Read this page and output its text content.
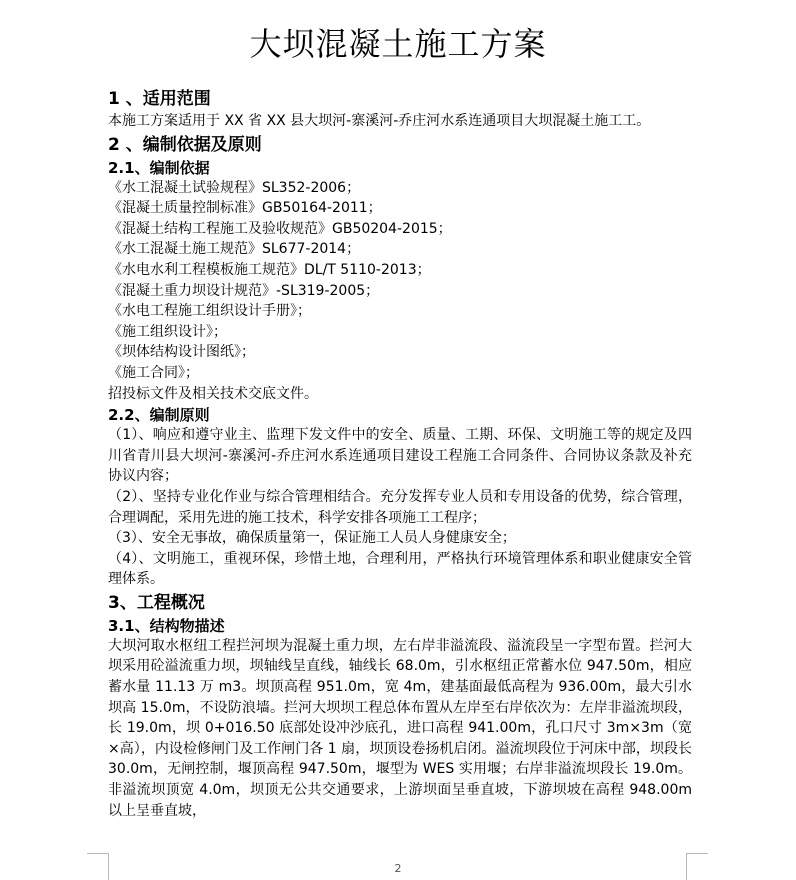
大坝混凝土施工方案

1 、适用范围

本施工方案适用于 XX 省 XX 县大坝河-寨溪河-乔庄河水系连通项目大坝混凝土施工工。

2 、编制依据及原则

2.1、编制依据

《水工混凝土试验规程》SL352-2006；

《混凝土质量控制标准》GB50164-2011；

《混凝土结构工程施工及验收规范》GB50204-2015；

《水工混凝土施工规范》SL677-2014；

《水电水利工程模板施工规范》DL/T 5110-2013；

《混凝土重力坝设计规范》-SL319-2005；

《水电工程施工组织设计手册》；

《施工组织设计》；

《坝体结构设计图纸》；

《施工合同》；

招投标文件及相关技术交底文件。

2.2、编制原则

（1）、响应和遵守业主、监理下发文件中的安全、质量、工期、环保、文明施工等的规定及四川省青川县大坝河-寨溪河-乔庄河水系连通项目建设工程施工合同条件、合同协议条款及补充协议内容；

（2）、坚持专业化作业与综合管理相结合。充分发挥专业人员和专用设备的优势，综合管理，合理调配，采用先进的施工技术，科学安排各项施工工程序；

（3）、安全无事故，确保质量第一，保证施工人员人身健康安全；

（4）、文明施工，重视环保，珍惜土地，合理利用，严格执行环境管理体系和职业健康安全管理体系。

3、工程概况

3.1、结构物描述

大坝河取水枢纽工程拦河坝为混凝土重力坝，左右岸非溢流段、溢流段呈一字型布置。拦河大坝采用砼溢流重力坝，坝轴线呈直线，轴线长 68.0m，引水枢纽正常蓄水位 947.50m，相应蓄水量 11.13 万 m3。坝顶高程 951.0m，宽 4m，建基面最低高程为 936.00m，最大引水坝高 15.0m，不设防浪墙。拦河大坝坝工程总体布置从左岸至右岸依次为：左岸非溢流坝段，长 19.0m，坝 0+016.50 底部处设冲沙底孔，进口高程 941.00m，孔口尺寸 3m×3m（宽×高），内设检修闸门及工作闸门各 1 扇，坝顶设卷扬机启闭。溢流坝段位于河床中部，坝段长 30.0m，无闸控制，堰顶高程 947.50m，堰型为 WES 实用堰；右岸非溢流坝段长 19.0m。非溢流坝顶宽 4.0m，坝顶无公共交通要求，上游坝面呈垂直坡，下游坝坡在高程 948.00m 以上呈垂直坡，

2
